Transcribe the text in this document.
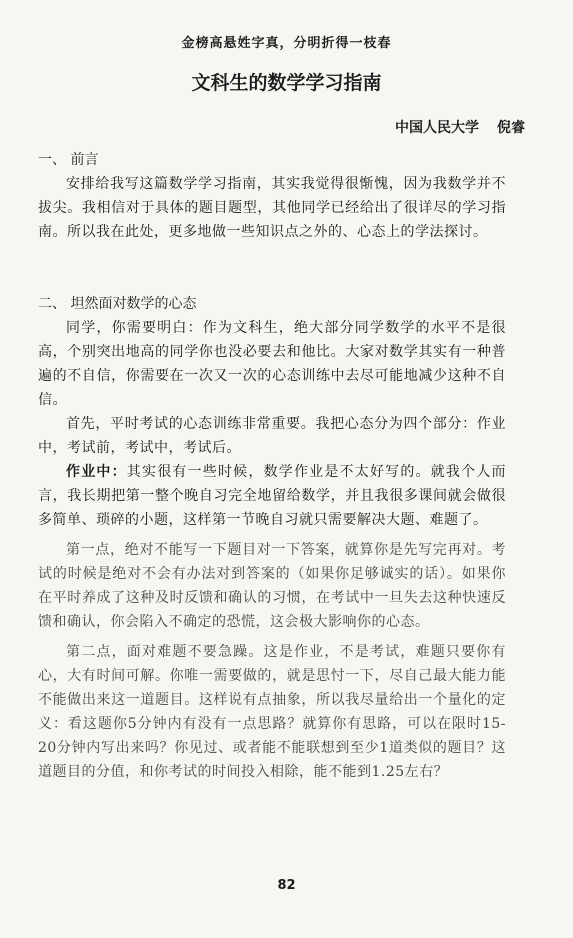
金榜高悬姓字真，分明折得一枝春
文科生的数学学习指南
中国人民大学 倪睿

一、 前言

安排给我写这篇数学学习指南，其实我觉得很惭愧，因为我数学并不拔尖。我相信对于具体的题目题型，其他同学已经给出了很详尽的学习指南。所以我在此处，更多地做一些知识点之外的、心态上的学法探讨。

二、 坦然面对数学的心态

同学，你需要明白：作为文科生，绝大部分同学数学的水平不是很高，个别突出地高的同学你也没必要去和他比。大家对数学其实有一种普遍的不自信，你需要在一次又一次的心态训练中去尽可能地减少这种不自信。

首先，平时考试的心态训练非常重要。我把心态分为四个部分：作业中，考试前，考试中，考试后。

作业中：其实很有一些时候，数学作业是不太好写的。就我个人而言，我长期把第一整个晚自习完全地留给数学，并且我很多课间就会做很多简单、琐碎的小题，这样第一节晚自习就只需要解决大题、难题了。

第一点，绝对不能写一下题目对一下答案，就算你是先写完再对。考试的时候是绝对不会有办法对到答案的（如果你足够诚实的话）。如果你在平时养成了这种及时反馈和确认的习惯，在考试中一旦失去这种快速反馈和确认，你会陷入不确定的恐慌，这会极大影响你的心态。

第二点，面对难题不要急躁。这是作业，不是考试，难题只要你有心，大有时间可解。你唯一需要做的，就是思忖一下，尽自己最大能力能不能做出来这一道题目。这样说有点抽象，所以我尽量给出一个量化的定义：看这题你5分钟内有没有一点思路？就算你有思路，可以在限时15-20分钟内写出来吗？你见过、或者能不能联想到至少1道类似的题目？这道题目的分值，和你考试的时间投入相除，能不能到1.25左右？

82
